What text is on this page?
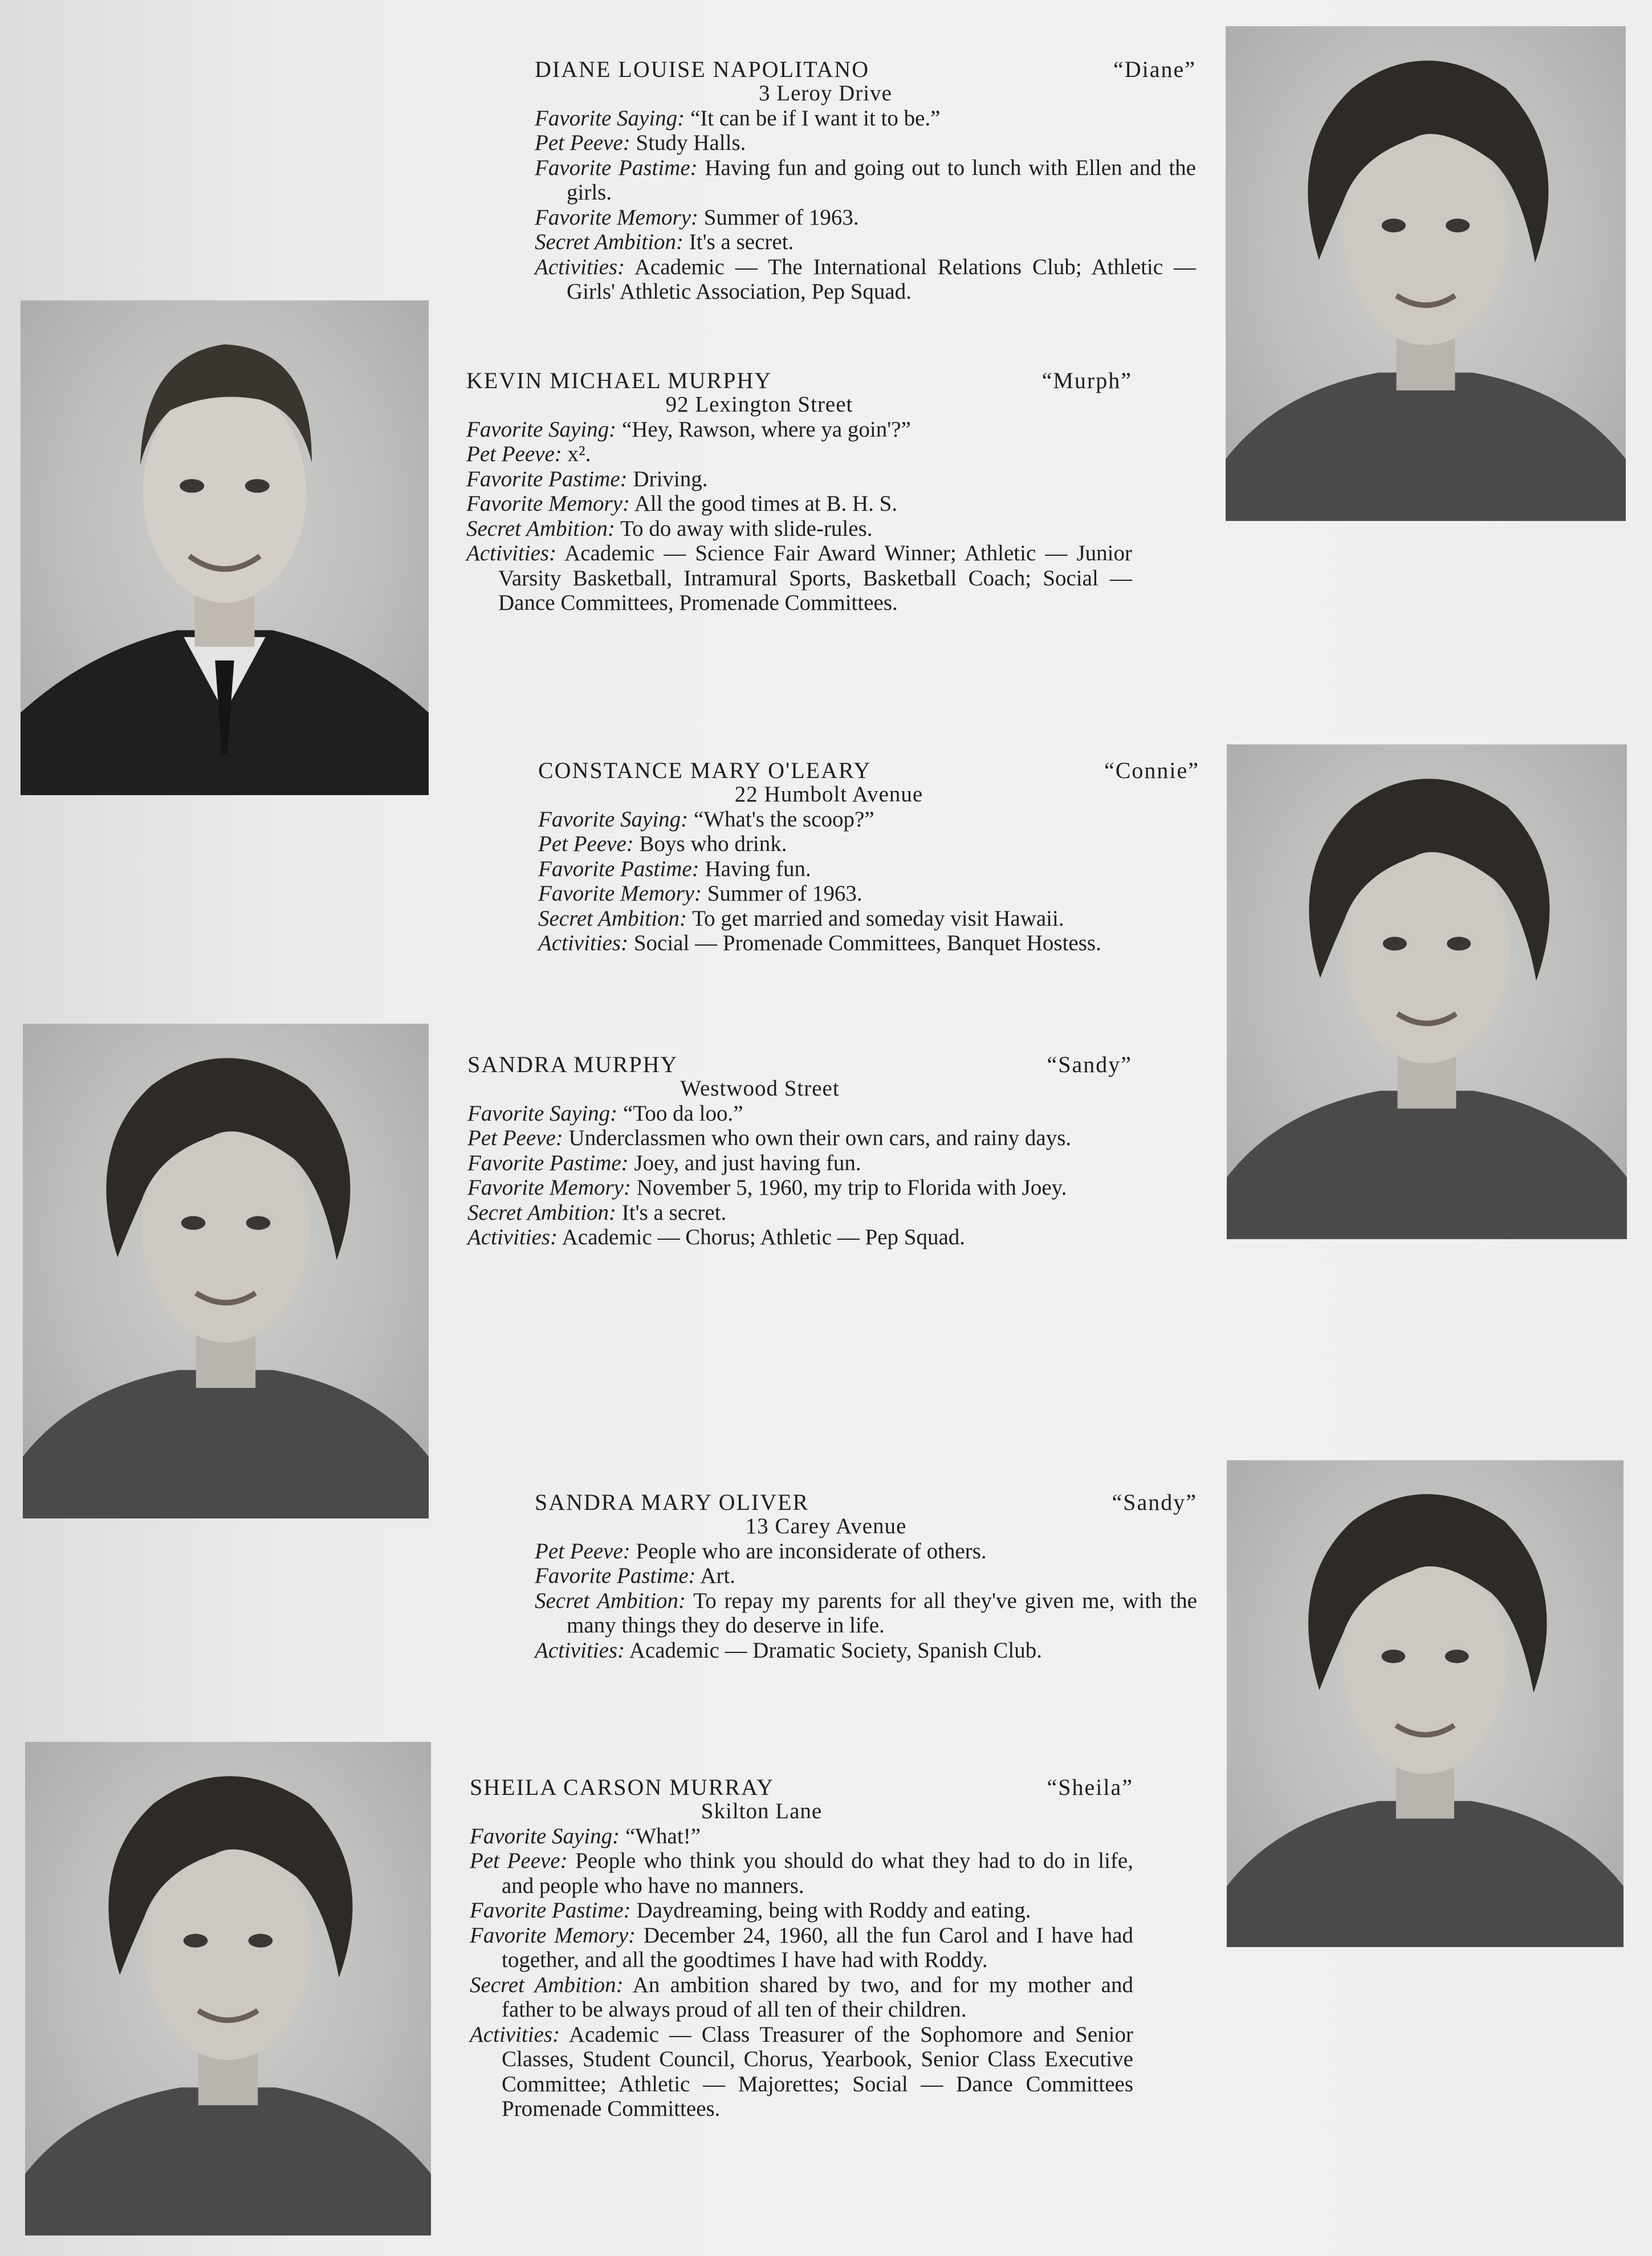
DIANE LOUISE NAPOLITANO	“Diane”
3 Leroy Drive
Favorite Saying: “It can be if I want it to be.”
Pet Peeve: Study Halls.
Favorite Pastime: Having fun and going out to lunch with Ellen and the girls.
Favorite Memory: Summer of 1963.
Secret Ambition: It's a secret.
Activities: Academic — The International Relations Club; Athletic — Girls' Athletic Association, Pep Squad.
KEVIN MICHAEL MURPHY	“Murph”
92 Lexington Street
Favorite Saying: “Hey, Rawson, where ya goin'?”
Pet Peeve: x².
Favorite Pastime: Driving.
Favorite Memory: All the good times at B. H. S.
Secret Ambition: To do away with slide-rules.
Activities: Academic — Science Fair Award Winner; Athletic — Junior Varsity Basketball, Intramural Sports, Basketball Coach; Social — Dance Committees, Promenade Committees.
CONSTANCE MARY O'LEARY	“Connie”
22 Humbolt Avenue
Favorite Saying: “What's the scoop?”
Pet Peeve: Boys who drink.
Favorite Pastime: Having fun.
Favorite Memory: Summer of 1963.
Secret Ambition: To get married and someday visit Hawaii.
Activities: Social — Promenade Committees, Banquet Hostess.
SANDRA MURPHY	“Sandy”
Westwood Street
Favorite Saying: “Too da loo.”
Pet Peeve: Underclassmen who own their own cars, and rainy days.
Favorite Pastime: Joey, and just having fun.
Favorite Memory: November 5, 1960, my trip to Florida with Joey.
Secret Ambition: It's a secret.
Activities: Academic — Chorus; Athletic — Pep Squad.
SANDRA MARY OLIVER	“Sandy”
13 Carey Avenue
Pet Peeve: People who are inconsiderate of others.
Favorite Pastime: Art.
Secret Ambition: To repay my parents for all they've given me, with the many things they do deserve in life.
Activities: Academic — Dramatic Society, Spanish Club.
SHEILA CARSON MURRAY	“Sheila”
Skilton Lane
Favorite Saying: “What!”
Pet Peeve: People who think you should do what they had to do in life, and people who have no manners.
Favorite Pastime: Daydreaming, being with Roddy and eating.
Favorite Memory: December 24, 1960, all the fun Carol and I have had together, and all the goodtimes I have had with Roddy.
Secret Ambition: An ambition shared by two, and for my mother and father to be always proud of all ten of their children.
Activities: Academic — Class Treasurer of the Sophomore and Senior Classes, Student Council, Chorus, Yearbook, Senior Class Executive Committee; Athletic — Majorettes; Social — Dance Committees Promenade Committees.
